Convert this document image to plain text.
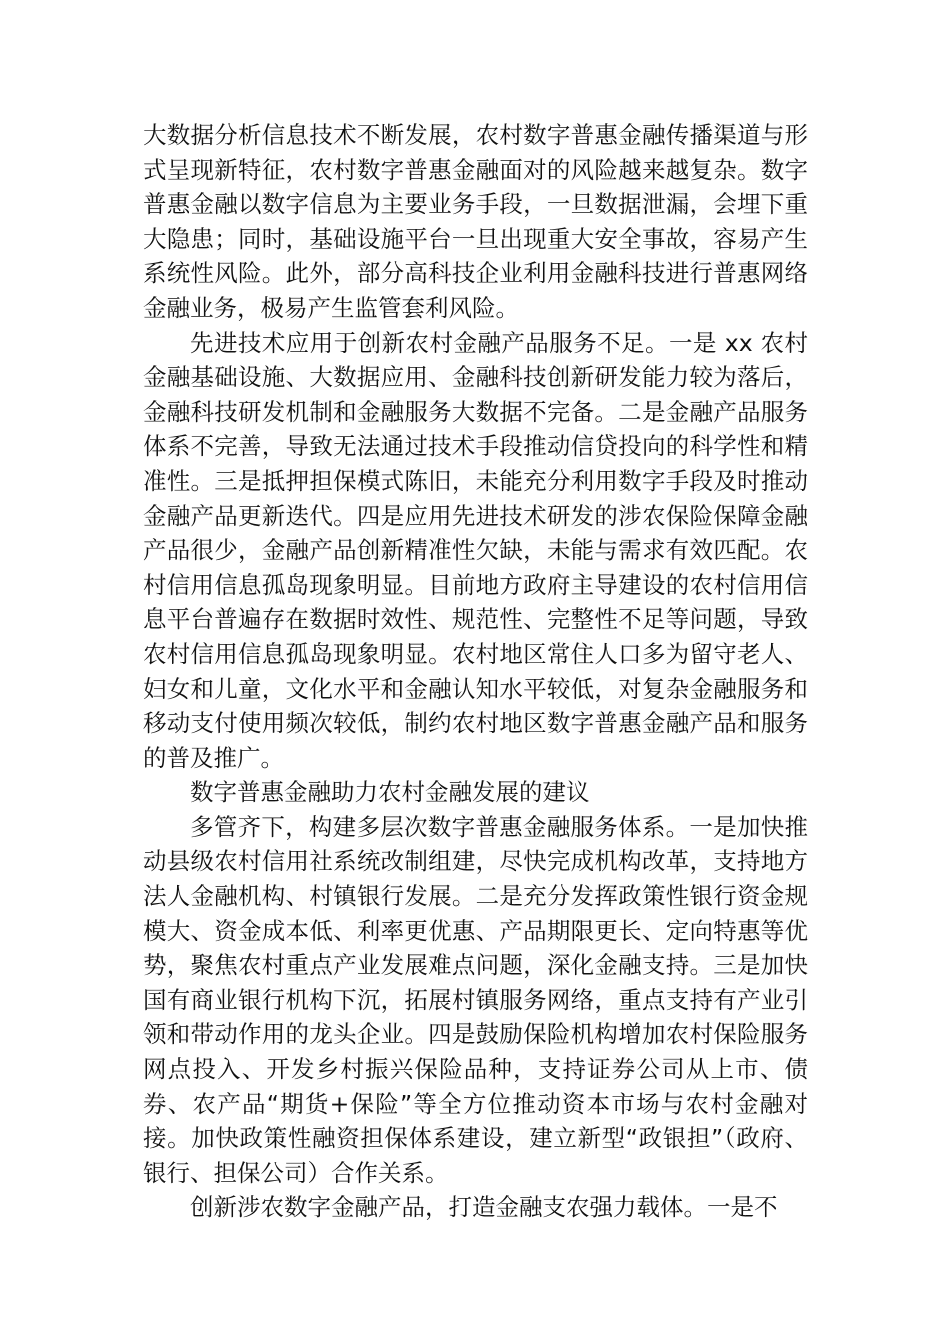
大数据分析信息技术不断发展，农村数字普惠金融传播渠道与形式呈现新特征，农村数字普惠金融面对的风险越来越复杂。数字普惠金融以数字信息为主要业务手段，一旦数据泄漏，会埋下重大隐患；同时，基础设施平台一旦出现重大安全事故，容易产生系统性风险。此外，部分高科技企业利用金融科技进行普惠网络金融业务，极易产生监管套利风险。

先进技术应用于创新农村金融产品服务不足。一是 xx 农村金融基础设施、大数据应用、金融科技创新研发能力较为落后，金融科技研发机制和金融服务大数据不完备。二是金融产品服务体系不完善，导致无法通过技术手段推动信贷投向的科学性和精准性。三是抵押担保模式陈旧，未能充分利用数字手段及时推动金融产品更新迭代。四是应用先进技术研发的涉农保险保障金融产品很少，金融产品创新精准性欠缺，未能与需求有效匹配。农村信用信息孤岛现象明显。目前地方政府主导建设的农村信用信息平台普遍存在数据时效性、规范性、完整性不足等问题，导致农村信用信息孤岛现象明显。农村地区常住人口多为留守老人、妇女和儿童，文化水平和金融认知水平较低，对复杂金融服务和移动支付使用频次较低，制约农村地区数字普惠金融产品和服务的普及推广。

数字普惠金融助力农村金融发展的建议

多管齐下，构建多层次数字普惠金融服务体系。一是加快推动县级农村信用社系统改制组建，尽快完成机构改革，支持地方法人金融机构、村镇银行发展。二是充分发挥政策性银行资金规模大、资金成本低、利率更优惠、产品期限更长、定向特惠等优势，聚焦农村重点产业发展难点问题，深化金融支持。三是加快国有商业银行机构下沉，拓展村镇服务网络，重点支持有产业引领和带动作用的龙头企业。四是鼓励保险机构增加农村保险服务网点投入、开发乡村振兴保险品种，支持证券公司从上市、债券、农产品“期货+保险”等全方位推动资本市场与农村金融对接。加快政策性融资担保体系建设，建立新型“政银担”（政府、银行、担保公司）合作关系。

创新涉农数字金融产品，打造金融支农强力载体。一是不
